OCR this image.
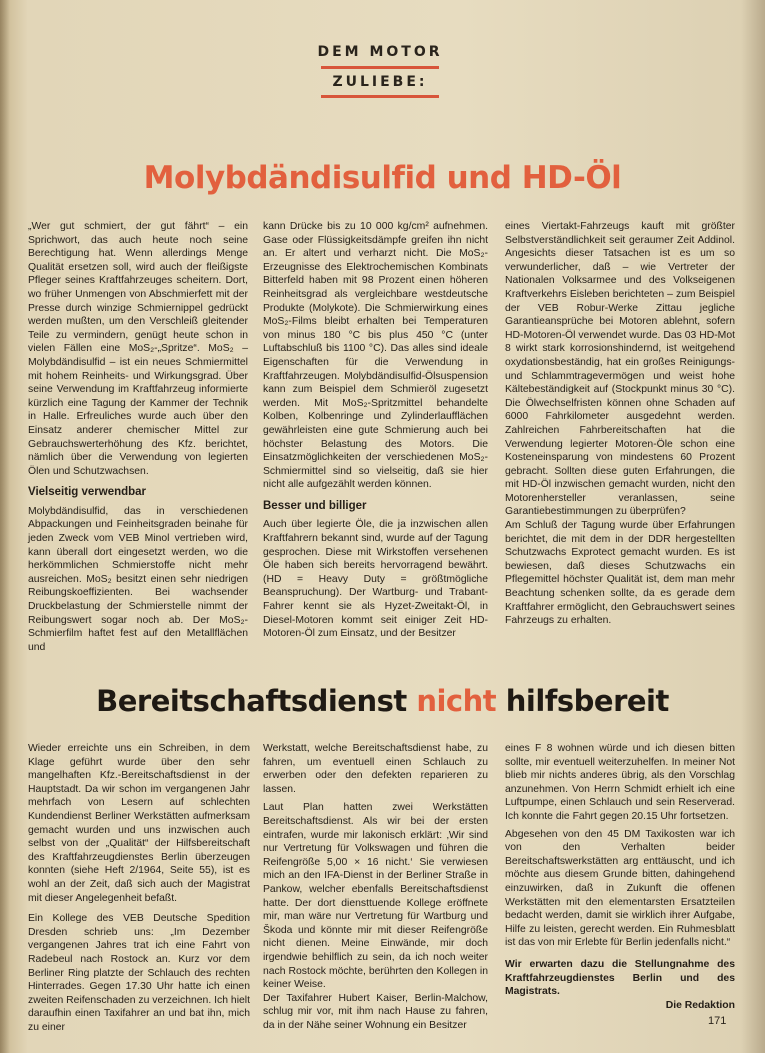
DEM MOTOR
ZULIEBE:
Molybdändisulfid und HD-Öl

„Wer gut schmiert, der gut fährt“ – ein Sprichwort, das auch heute noch seine Berechtigung hat. Wenn allerdings Menge Qualität ersetzen soll, wird auch der fleißigste Pfleger seines Kraftfahrzeuges scheitern. Dort, wo früher Unmengen von Abschmierfett mit der Presse durch winzige Schmiernippel gedrückt werden mußten, um den Verschleiß gleitender Teile zu vermindern, genügt heute schon in vielen Fällen eine MoS₂-„Spritze“. MoS₂ – Molybdändisulfid – ist ein neues Schmiermittel mit hohem Reinheits- und Wirkungsgrad. Über seine Verwendung im Kraftfahrzeug informierte kürzlich eine Tagung der Kammer der Technik in Halle. Erfreuliches wurde auch über den Einsatz anderer chemischer Mittel zur Gebrauchswerterhöhung des Kfz. berichtet, nämlich über die Verwendung von legierten Ölen und Schutzwachsen.

Vielseitig verwendbar

Molybdändisulfid, das in verschiedenen Abpackungen und Feinheitsgraden beinahe für jeden Zweck vom VEB Minol vertrieben wird, kann überall dort eingesetzt werden, wo die herkömmlichen Schmierstoffe nicht mehr ausreichen. MoS₂ besitzt einen sehr niedrigen Reibungskoeffizienten. Bei wachsender Druckbelastung der Schmierstelle nimmt der Reibungswert sogar noch ab. Der MoS₂-Schmierfilm haftet fest auf den Metallflächen und

kann Drücke bis zu 10 000 kg/cm² aufnehmen. Gase oder Flüssigkeitsdämpfe greifen ihn nicht an. Er altert und verharzt nicht. Die MoS₂-Erzeugnisse des Elektrochemischen Kombinats Bitterfeld haben mit 98 Prozent einen höheren Reinheitsgrad als vergleichbare westdeutsche Produkte (Molykote). Die Schmierwirkung eines MoS₂-Films bleibt erhalten bei Temperaturen von minus 180 °C bis plus 450 °C (unter Luftabschluß bis 1100 °C). Das alles sind ideale Eigenschaften für die Verwendung in Kraftfahrzeugen. Molybdändisulfid-Ölsuspension kann zum Beispiel dem Schmieröl zugesetzt werden. Mit MoS₂-Spritzmittel behandelte Kolben, Kolbenringe und Zylinderlaufflächen gewährleisten eine gute Schmierung auch bei höchster Belastung des Motors. Die Einsatzmöglichkeiten der verschiedenen MoS₂-Schmiermittel sind so vielseitig, daß sie hier nicht alle aufgezählt werden können.

Besser und billiger

Auch über legierte Öle, die ja inzwischen allen Kraftfahrern bekannt sind, wurde auf der Tagung gesprochen. Diese mit Wirkstoffen versehenen Öle haben sich bereits hervorragend bewährt. (HD = Heavy Duty = größtmögliche Beanspruchung). Der Wartburg- und Trabant-Fahrer kennt sie als Hyzet-Zweitakt-Öl, in Diesel-Motoren kommt seit einiger Zeit HD-Motoren-Öl zum Einsatz, und der Besitzer

eines Viertakt-Fahrzeugs kauft mit größter Selbstverständlichkeit seit geraumer Zeit Addinol. Angesichts dieser Tatsachen ist es um so verwunderlicher, daß – wie Vertreter der Nationalen Volksarmee und des Volkseigenen Kraftverkehrs Eisleben berichteten – zum Beispiel der VEB Robur-Werke Zittau jegliche Garantieansprüche bei Motoren ablehnt, sofern HD-Motoren-Öl verwendet wurde. Das 03 HD-Mot 8 wirkt stark korrosionshindernd, ist weitgehend oxydationsbeständig, hat ein großes Reinigungs- und Schlammtragevermögen und weist hohe Kältebeständigkeit auf (Stockpunkt minus 30 °C). Die Ölwechselfristen können ohne Schaden auf 6000 Fahrkilometer ausgedehnt werden. Zahlreichen Fahrbereitschaften hat die Verwendung legierter Motoren-Öle schon eine Kosteneinsparung von mindestens 60 Prozent gebracht. Sollten diese guten Erfahrungen, die mit HD-Öl inzwischen gemacht wurden, nicht den Motorenhersteller veranlassen, seine Garantiebestimmungen zu überprüfen?

Am Schluß der Tagung wurde über Erfahrungen berichtet, die mit dem in der DDR hergestellten Schutzwachs Exprotect gemacht wurden. Es ist bewiesen, daß dieses Schutzwachs ein Pflegemittel höchster Qualität ist, dem man mehr Beachtung schenken sollte, da es gerade dem Kraftfahrer ermöglicht, den Gebrauchswert seines Fahrzeugs zu erhalten.

Bereitschaftsdienst nicht hilfsbereit

Wieder erreichte uns ein Schreiben, in dem Klage geführt wurde über den sehr mangelhaften Kfz.-Bereitschaftsdienst in der Hauptstadt. Da wir schon im vergangenen Jahr mehrfach von Lesern auf schlechten Kundendienst Berliner Werkstätten aufmerksam gemacht wurden und uns inzwischen auch selbst von der „Qualität“ der Hilfsbereitschaft des Kraftfahrzeugdienstes Berlin überzeugen konnten (siehe Heft 2/1964, Seite 55), ist es wohl an der Zeit, daß sich auch der Magistrat mit dieser Angelegenheit befaßt.

Ein Kollege des VEB Deutsche Spedition Dresden schrieb uns: „Im Dezember vergangenen Jahres trat ich eine Fahrt von Radebeul nach Rostock an. Kurz vor dem Berliner Ring platzte der Schlauch des rechten Hinterrades. Gegen 17.30 Uhr hatte ich einen zweiten Reifenschaden zu verzeichnen. Ich hielt daraufhin einen Taxifahrer an und bat ihn, mich zu einer

Werkstatt, welche Bereitschaftsdienst habe, zu fahren, um eventuell einen Schlauch zu erwerben oder den defekten reparieren zu lassen.

Laut Plan hatten zwei Werkstätten Bereitschaftsdienst. Als wir bei der ersten eintrafen, wurde mir lakonisch erklärt: ‚Wir sind nur Vertretung für Volkswagen und führen die Reifengröße 5,00 × 16 nicht.‘ Sie verwiesen mich an den IFA-Dienst in der Berliner Straße in Pankow, welcher ebenfalls Bereitschaftsdienst hatte. Der dort diensttuende Kollege eröffnete mir, man wäre nur Vertretung für Wartburg und Škoda und könnte mir mit dieser Reifengröße nicht dienen. Meine Einwände, mir doch irgendwie behilflich zu sein, da ich noch weiter nach Rostock möchte, berührten den Kollegen in keiner Weise.

Der Taxifahrer Hubert Kaiser, Berlin-Malchow, schlug mir vor, mit ihm nach Hause zu fahren, da in der Nähe seiner Wohnung ein Besitzer

eines F 8 wohnen würde und ich diesen bitten sollte, mir eventuell weiterzuhelfen. In meiner Not blieb mir nichts anderes übrig, als den Vorschlag anzunehmen. Von Herrn Schmidt erhielt ich eine Luftpumpe, einen Schlauch und sein Reserverad. Ich konnte die Fahrt gegen 20.15 Uhr fortsetzen.

Abgesehen von den 45 DM Taxikosten war ich von den Verhalten beider Bereitschaftswerkstätten arg enttäuscht, und ich möchte aus diesem Grunde bitten, dahingehend einzuwirken, daß in Zukunft die offenen Werkstätten mit den elementarsten Ersatzteilen bedacht werden, damit sie wirklich ihrer Aufgabe, Hilfe zu leisten, gerecht werden. Ein Ruhmesblatt ist das von mir Erlebte für Berlin jedenfalls nicht.“

Wir erwarten dazu die Stellungnahme des Kraftfahrzeugdienstes Berlin und des Magistrats.

Die Redaktion

171
